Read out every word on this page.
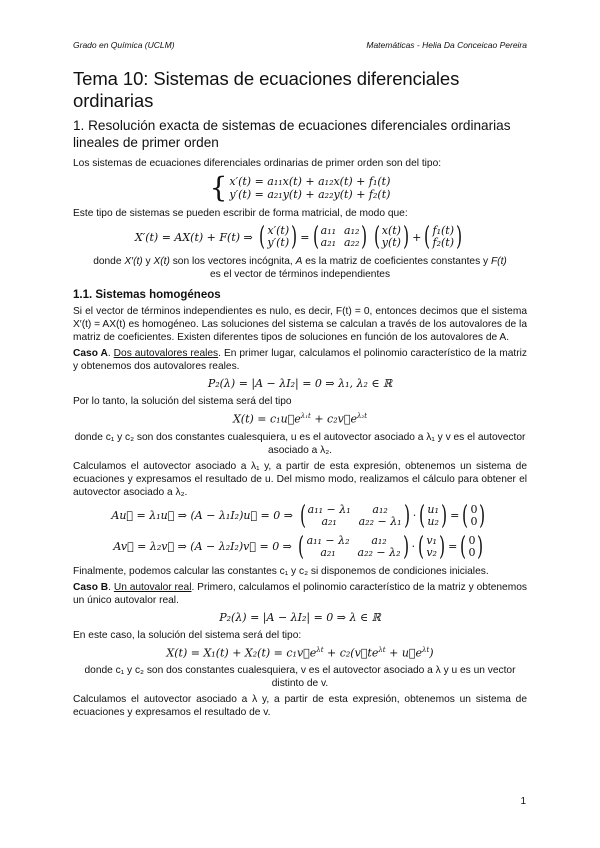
Grado en Química (UCLM)	Matemáticas - Helia Da Conceicao Pereira
Tema 10: Sistemas de ecuaciones diferenciales ordinarias
1. Resolución exacta de sistemas de ecuaciones diferenciales ordinarias lineales de primer orden

Los sistemas de ecuaciones diferenciales ordinarias de primer orden son del tipo:

{ x′(t) = a₁₁x(t) + a₁₂x(t) + f₁(t)
y′(t) = a₂₁y(t) + a₂₂y(t) + f₂(t)

Este tipo de sistemas se pueden escribir de forma matricial, de modo que:

X′(t) = AX(t) + F(t) ⇒
( x′(t)
y′(t) ) = ( a₁₁ a₁₂
a₂₁ a₂₂ ) ( x(t)
y(t) ) + ( f₁(t)
f₂(t) )

donde X′(t) y X(t) son los vectores incógnita, A es la matriz de coeficientes constantes y F(t)
es el vector de términos independientes

1.1. Sistemas homogéneos

Si el vector de términos independientes es nulo, es decir, F(t) = 0, entonces decimos que el sistema X′(t) = AX(t) es homogéneo. Las soluciones del sistema se calculan a través de los autovalores de la matriz de coeficientes. Existen diferentes tipos de soluciones en función de los autovalores de A.

Caso A. Dos autovalores reales. En primer lugar, calculamos el polinomio característico de la matriz y obtenemos dos autovalores reales.

P₂(λ) = |A − λI₂| = 0 ⇒ λ₁, λ₂ ∈ ℝ

Por lo tanto, la solución del sistema será del tipo

$X(t) = c_1u⃗e^{\lambda_1t}$ + $c_2v⃗e^{\lambda_2t}$

donde c₁ y c₂ son dos constantes cualesquiera, u es el autovector asociado a λ₁ y v es el autovector asociado a λ₂.

Calculamos el autovector asociado a λ₁ y, a partir de esta expresión, obtenemos un sistema de ecuaciones y expresamos el resultado de u. Del mismo modo, realizamos el cálculo para obtener el autovector asociado a λ₂.

Au⃗ = λ₁u⃗ ⇒ (A − λ₁I₂)u⃗ = 0 ⇒
( a₁₁ − λ₁	a₁₂
a₂₁	a₂₂ − λ₁ ) · ( u₁
u₂ ) = ( 0
0 )
Av⃗ = λ₂v⃗ ⇒ (A − λ₂I₂)v⃗ = 0 ⇒
( a₁₁ − λ₂	a₁₂
a₂₁	a₂₂ − λ₂ ) · ( v₁
v₂ ) = ( 0
0 )

Finalmente, podemos calcular las constantes c₁ y c₂ si disponemos de condiciones iniciales.

Caso B. Un autovalor real. Primero, calculamos el polinomio característico de la matriz y obtenemos un único autovalor real.

P₂(λ) = |A − λI₂| = 0 ⇒ λ ∈ ℝ

En este caso, la solución del sistema será del tipo:

$X(t) = X_1(t) + X_2(t) = c_1v⃗e^{\lambda t}$ + $c_2(v⃗te^{\lambda t}$ + $u⃗e^{\lambda t}$)

donde c₁ y c₂ son dos constantes cualesquiera, v es el autovector asociado a λ y u es un vector distinto de v.

Calculamos el autovector asociado a λ y, a partir de esta expresión, obtenemos un sistema de ecuaciones y expresamos el resultado de v.

1
